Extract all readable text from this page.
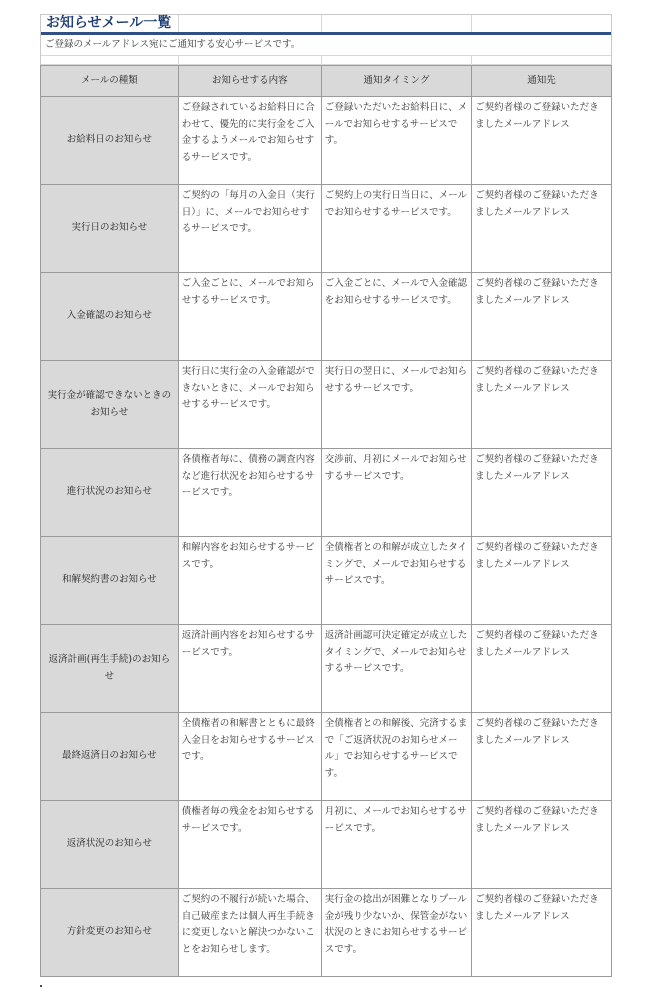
お知らせメール一覧
ご登録のメールアドレス宛にご通知する安心サービスです。
メールの種類	お知らせする内容	通知タイミング	通知先
お給料日のお知らせ	ご登録されているお給料日に合わせて、優先的に実行金をご入金するようメールでお知らせするサービスです。	ご登録いただいたお給料日に、メールでお知らせするサービスです。	ご契約者様のご登録いただきましたメールアドレス
実行日のお知らせ	ご契約の「毎月の入金日（実行日）」に、メールでお知らせするサービスです。	ご契約上の実行日当日に、メールでお知らせするサービスです。	ご契約者様のご登録いただきましたメールアドレス
入金確認のお知らせ	ご入金ごとに、メールでお知らせするサービスです。	ご入金ごとに、メールで入金確認をお知らせするサービスです。	ご契約者様のご登録いただきましたメールアドレス
実行金が確認できないときのお知らせ	実行日に実行金の入金確認ができないときに、メールでお知らせするサービスです。	実行日の翌日に、メールでお知らせするサービスです。	ご契約者様のご登録いただきましたメールアドレス
進行状況のお知らせ	各債権者毎に、債務の調査内容など進行状況をお知らせするサービスです。	交渉前、月初にメールでお知らせするサービスです。	ご契約者様のご登録いただきましたメールアドレス
和解契約書のお知らせ	和解内容をお知らせするサービスです。	全債権者との和解が成立したタイミングで、メールでお知らせするサービスです。	ご契約者様のご登録いただきましたメールアドレス
返済計画(再生手続)のお知らせ	返済計画内容をお知らせするサービスです。	返済計画認可決定確定が成立したタイミングで、メールでお知らせするサービスです。	ご契約者様のご登録いただきましたメールアドレス
最終返済日のお知らせ	全債権者の和解書とともに最終入金日をお知らせするサービスです。	全債権者との和解後、完済するまで「ご返済状況のお知らせメール」でお知らせするサービスです。	ご契約者様のご登録いただきましたメールアドレス
返済状況のお知らせ	債権者毎の残金をお知らせするサービスです。	月初に、メールでお知らせするサービスです。	ご契約者様のご登録いただきましたメールアドレス
方針変更のお知らせ	ご契約の不履行が続いた場合、自己破産または個人再生手続きに変更しないと解決つかないことをお知らせします。	実行金の捻出が困難となりプール金が残り少ないか、保管金がない状況のときにお知らせするサービスです。	ご契約者様のご登録いただきましたメールアドレス
